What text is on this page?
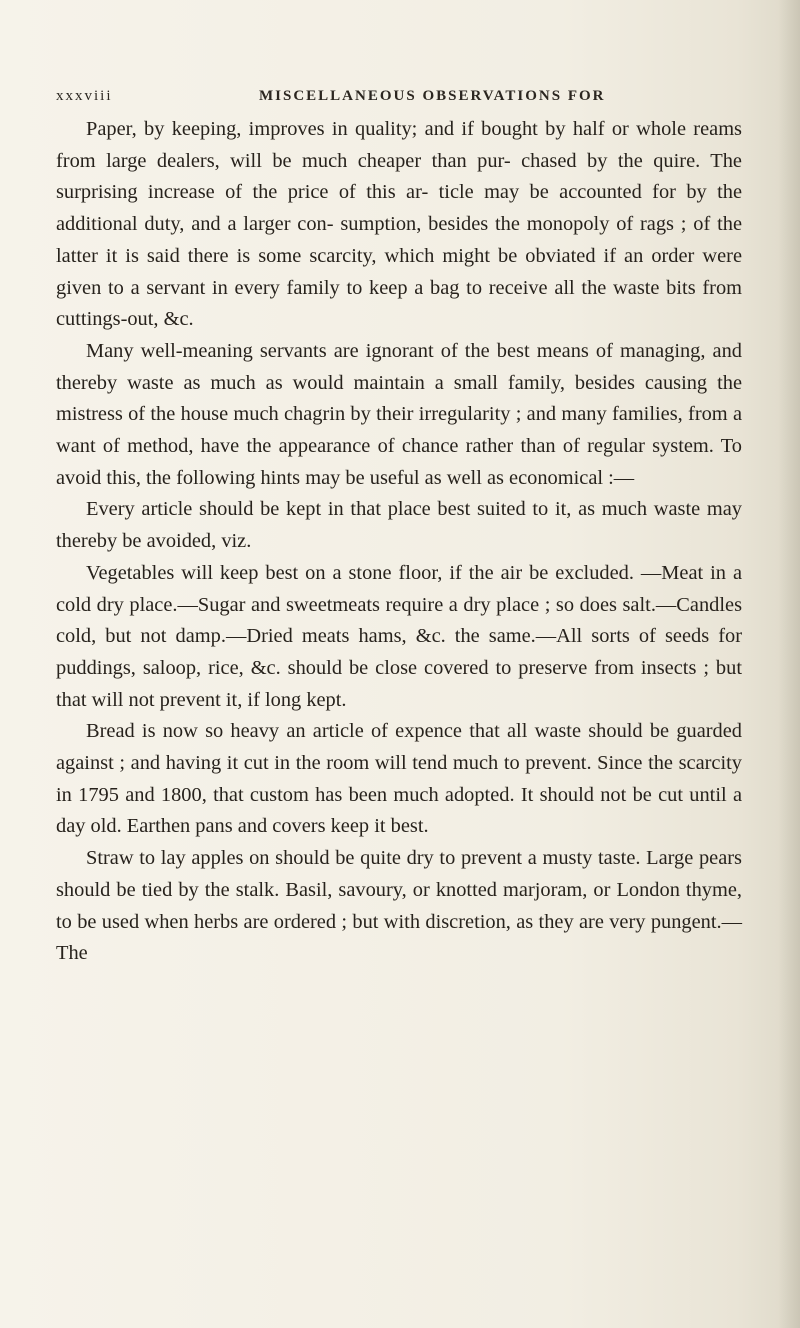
xxxviii	MISCELLANEOUS OBSERVATIONS FOR

Paper, by keeping, improves in quality; and if bought by half or whole reams from large dealers, will be much cheaper than pur- chased by the quire. The surprising increase of the price of this ar- ticle may be accounted for by the additional duty, and a larger con- sumption, besides the monopoly of rags ; of the latter it is said there is some scarcity, which might be obviated if an order were given to a servant in every family to keep a bag to receive all the waste bits from cuttings-out, &c.

Many well-meaning servants are ignorant of the best means of managing, and thereby waste as much as would maintain a small family, besides causing the mistress of the house much chagrin by their irregularity ; and many families, from a want of method, have the appearance of chance rather than of regular system. To avoid this, the following hints may be useful as well as economical :—

Every article should be kept in that place best suited to it, as much waste may thereby be avoided, viz.

Vegetables will keep best on a stone floor, if the air be excluded. —Meat in a cold dry place.—Sugar and sweetmeats require a dry place ; so does salt.—Candles cold, but not damp.—Dried meats hams, &c. the same.—All sorts of seeds for puddings, saloop, rice, &c. should be close covered to preserve from insects ; but that will not prevent it, if long kept.

Bread is now so heavy an article of expence that all waste should be guarded against ; and having it cut in the room will tend much to prevent. Since the scarcity in 1795 and 1800, that custom has been much adopted. It should not be cut until a day old. Earthen pans and covers keep it best.

Straw to lay apples on should be quite dry to prevent a musty taste. Large pears should be tied by the stalk. Basil, savoury, or knotted marjoram, or London thyme, to be used when herbs are ordered ; but with discretion, as they are very pungent.—The
